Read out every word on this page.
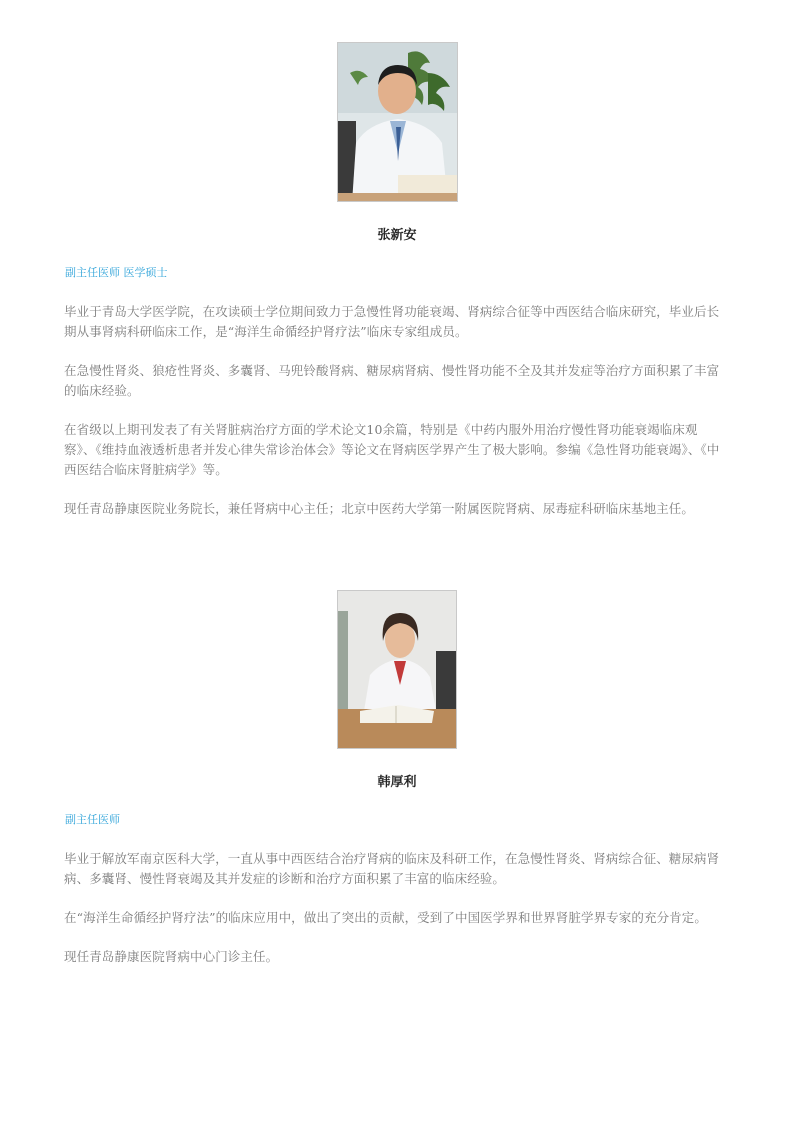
张新安

副主任医师 医学硕士

毕业于青岛大学医学院，在攻读硕士学位期间致力于急慢性肾功能衰竭、肾病综合征等中西医结合临床研究，毕业后长期从事肾病科研临床工作，是“海洋生命循经护肾疗法”临床专家组成员。

在急慢性肾炎、狼疮性肾炎、多囊肾、马兜铃酸肾病、糖尿病肾病、慢性肾功能不全及其并发症等治疗方面积累了丰富的临床经验。

在省级以上期刊发表了有关肾脏病治疗方面的学术论文10余篇，特别是《中药内服外用治疗慢性肾功能衰竭临床观察》、《维持血液透析患者并发心律失常诊治体会》等论文在肾病医学界产生了极大影响。参编《急性肾功能衰竭》、《中西医结合临床肾脏病学》等。

现任青岛静康医院业务院长，兼任肾病中心主任；北京中医药大学第一附属医院肾病、尿毒症科研临床基地主任。

韩厚利

副主任医师

毕业于解放军南京医科大学，一直从事中西医结合治疗肾病的临床及科研工作，在急慢性肾炎、肾病综合征、糖尿病肾病、多囊肾、慢性肾衰竭及其并发症的诊断和治疗方面积累了丰富的临床经验。

在“海洋生命循经护肾疗法”的临床应用中，做出了突出的贡献，受到了中国医学界和世界肾脏学界专家的充分肯定。

现任青岛静康医院肾病中心门诊主任。
